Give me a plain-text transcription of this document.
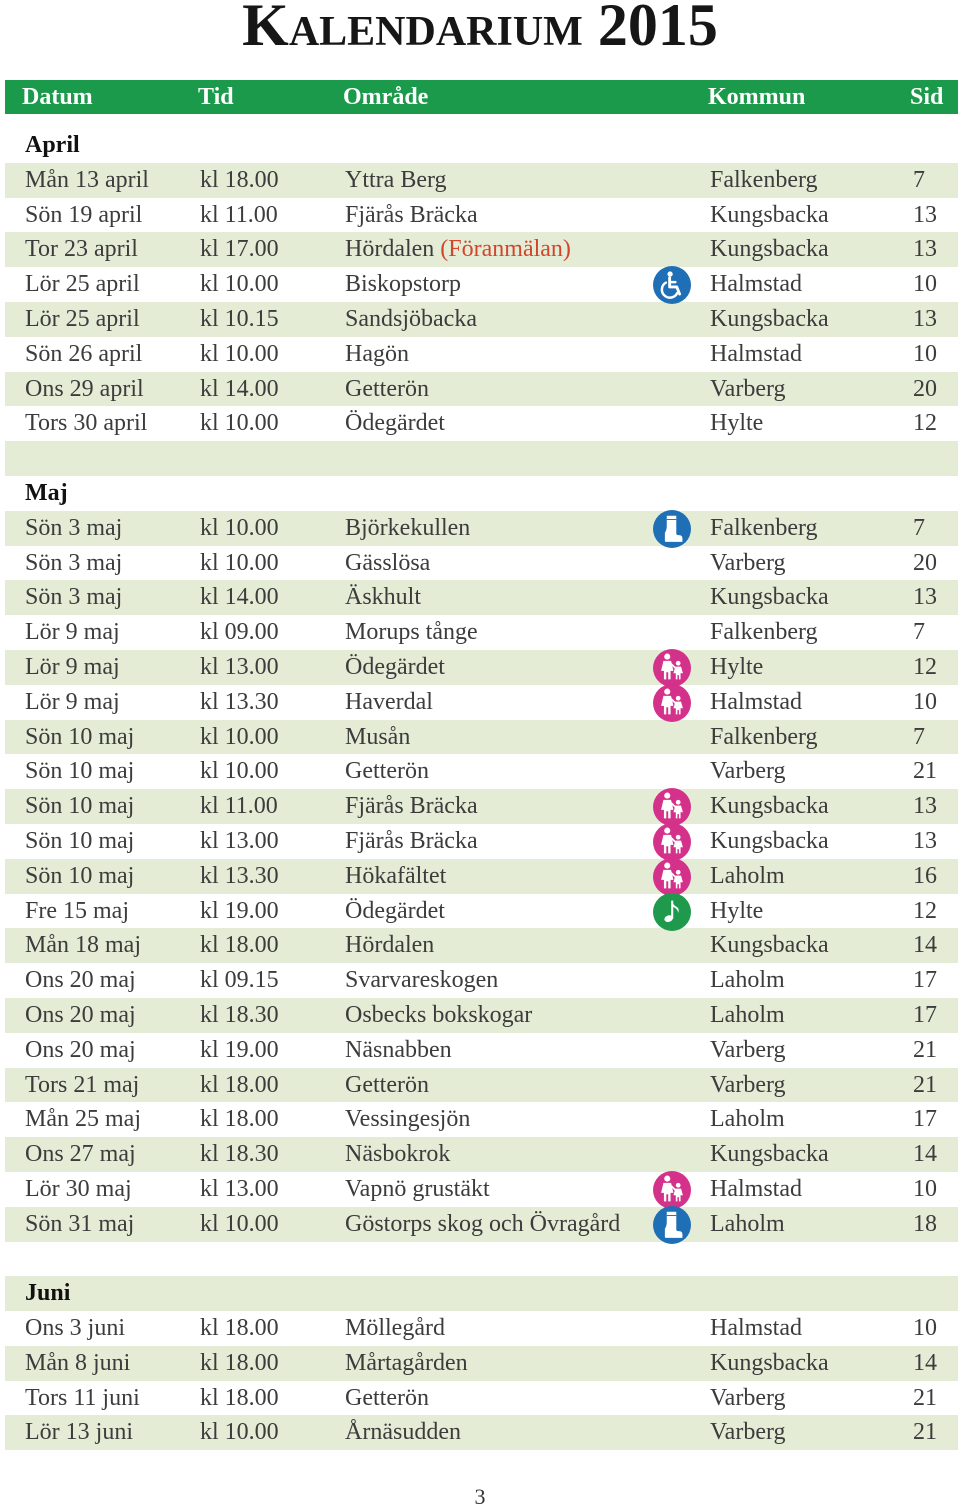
Kalendarium 2015
Datum	Tid	Område	Kommun	Sid
April
Mån 13 april kl 18.00	Yttra Berg	Falkenberg	7
Sön 19 april kl 11.00	Fjärås Bräcka	Kungsbacka	13
Tor 23 april	kl 17.00	Hördalen (Föranmälan)	Kungsbacka	13
Lör 25 april	kl 10.00	Biskopstorp	Halmstad	10
Lör 25 april	kl 10.15	Sandsjöbacka	Kungsbacka	13
Sön 26 april kl 10.00	Hagön	Halmstad	10
Ons 29 april kl 14.00	Getterön	Varberg	20
Tors 30 april kl 10.00	Ödegärdet	Hylte	12
Maj
Sön 3 maj	kl 10.00	Björkekullen	Falkenberg	7
Sön 3 maj	kl 10.00	Gässlösa	Varberg	20
Sön 3 maj	kl 14.00	Äskhult	Kungsbacka	13
Lör 9 maj	kl 09.00	Morups tånge	Falkenberg	7
Lör 9 maj	kl 13.00	Ödegärdet	Hylte	12
Lör 9 maj	kl 13.30	Haverdal	Halmstad	10
Sön 10 maj	kl 10.00	Musån	Falkenberg	7
Sön 10 maj	kl 10.00	Getterön	Varberg	21
Sön 10 maj	kl 11.00	Fjärås Bräcka	Kungsbacka	13
Sön 10 maj	kl 13.00	Fjärås Bräcka	Kungsbacka	13
Sön 10 maj	kl 13.30	Hökafältet	Laholm	16
Fre 15 maj	kl 19.00	Ödegärdet	Hylte	12
Mån 18 maj kl 18.00	Hördalen	Kungsbacka	14
Ons 20 maj	kl 09.15	Svarvareskogen	Laholm	17
Ons 20 maj	kl 18.30	Osbecks bokskogar	Laholm	17
Ons 20 maj	kl 19.00	Näsnabben	Varberg	21
Tors 21 maj	kl 18.00	Getterön	Varberg	21
Mån 25 maj kl 18.00	Vessingesjön	Laholm	17
Ons 27 maj	kl 18.30	Näsbokrok	Kungsbacka	14
Lör 30 maj	kl 13.00	Vapnö grustäkt	Halmstad	10
Sön 31 maj	kl 10.00	Göstorps skog och Övragård	Laholm	18
Juni
Ons 3 juni	kl 18.00	Möllegård	Halmstad	10
Mån 8 juni	kl 18.00	Mårtagården	Kungsbacka	14
Tors 11 juni	kl 18.00	Getterön	Varberg	21
Lör 13 juni	kl 10.00	Årnäsudden	Varberg	21
3
